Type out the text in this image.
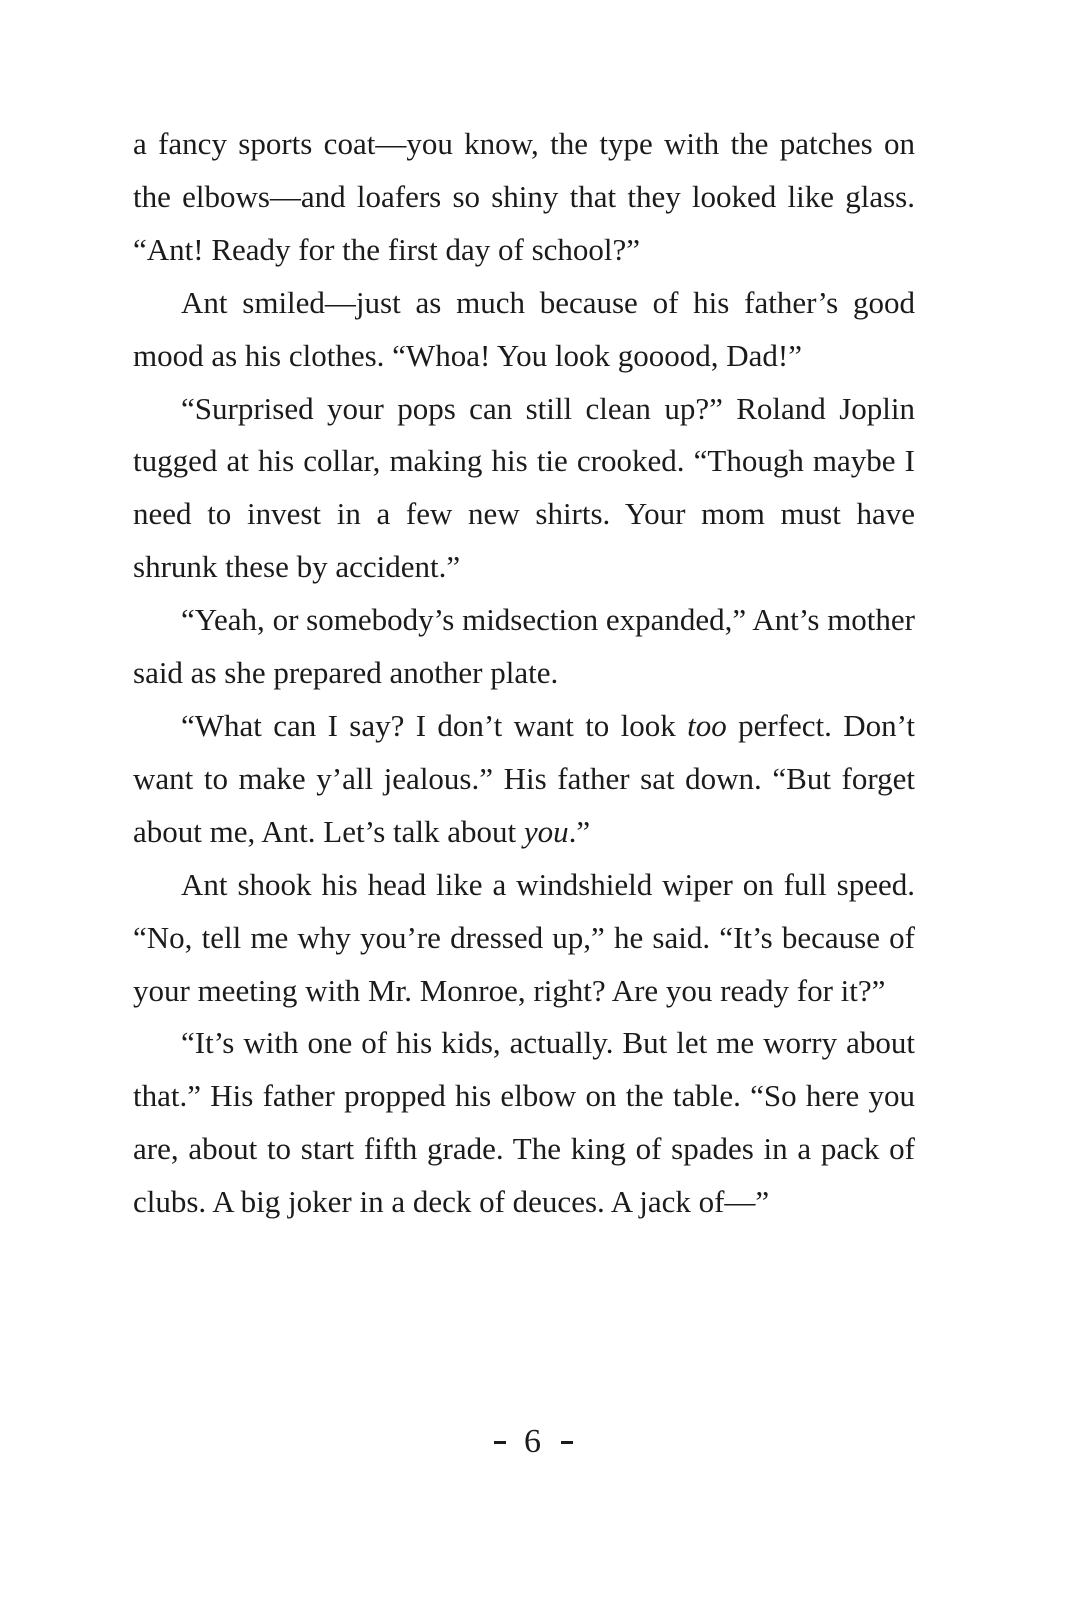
a fancy sports coat—you know, the type with the patches on the elbows—and loafers so shiny that they looked like glass. “Ant! Ready for the first day of school?”

Ant smiled—just as much because of his father’s good mood as his clothes. “Whoa! You look gooood, Dad!”

“Surprised your pops can still clean up?” Roland Joplin tugged at his collar, making his tie crooked. “Though maybe I need to invest in a few new shirts. Your mom must have shrunk these by accident.”

“Yeah, or somebody’s midsection expanded,” Ant’s mother said as she prepared another plate.

“What can I say? I don’t want to look too perfect. Don’t want to make y’all jealous.” His father sat down. “But forget about me, Ant. Let’s talk about you.”

Ant shook his head like a windshield wiper on full speed. “No, tell me why you’re dressed up,” he said. “It’s because of your meeting with Mr. Monroe, right? Are you ready for it?”

“It’s with one of his kids, actually. But let me worry about that.” His father propped his elbow on the table. “So here you are, about to start fifth grade. The king of spades in a pack of clubs. A big joker in a deck of deuces. A jack of—”

6
